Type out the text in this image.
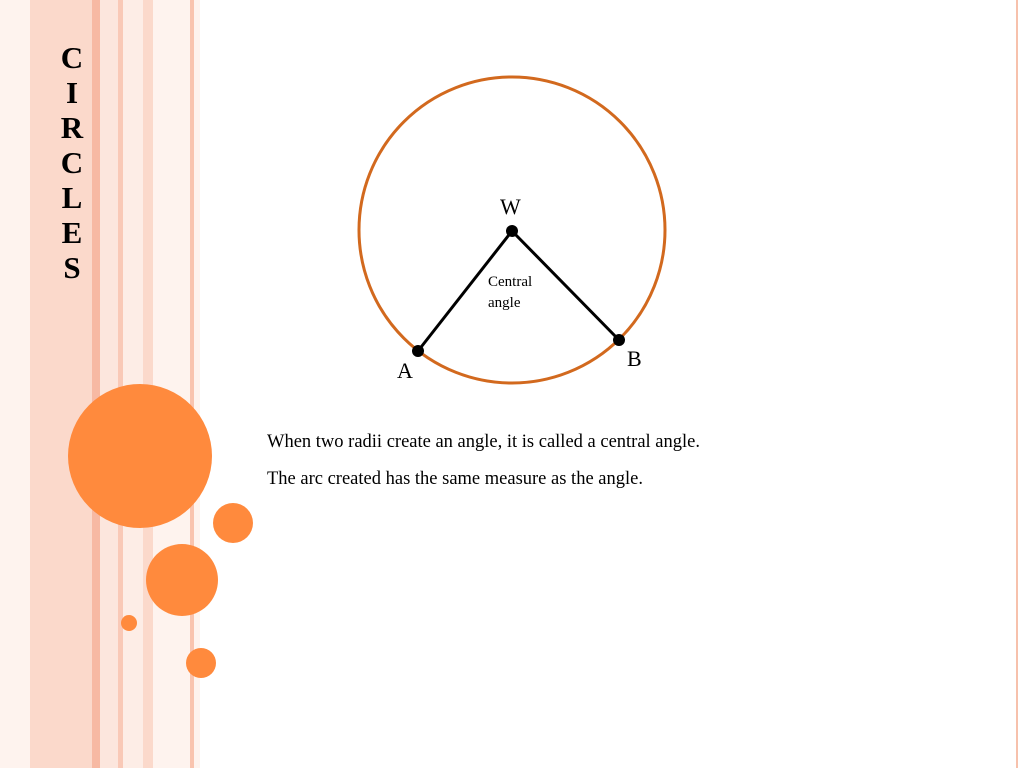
C
I
R
C
L
E
S
W
A	B
Central
angle

When two radii create an angle, it is called a central angle.

The arc created has the same measure as the angle.
